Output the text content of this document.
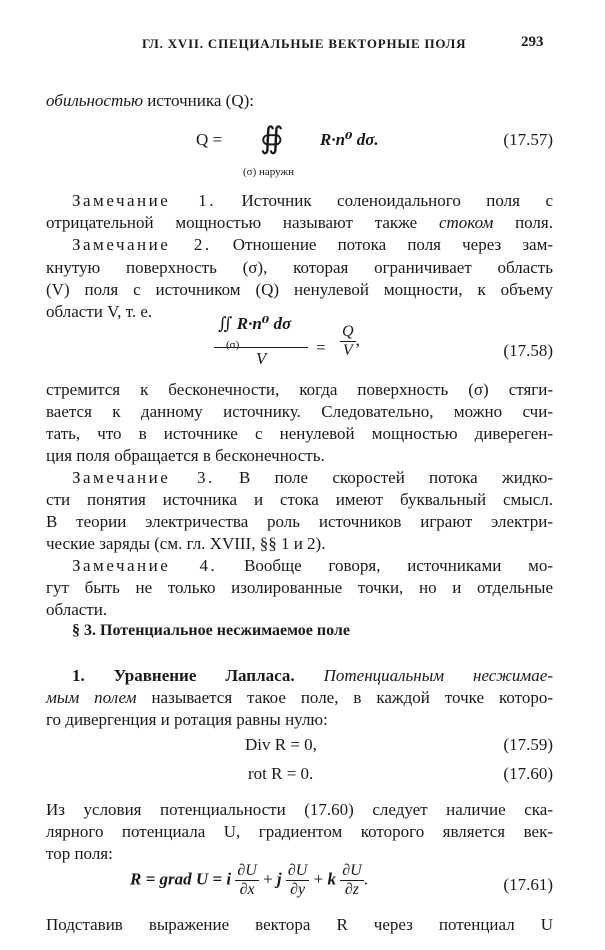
ГЛ. XVII. СПЕЦИАЛЬНЫЕ ВЕКТОРНЫЕ ПОЛЯ	293
обильностью источника (Q):
Q = ∯
(σ) наружн
R·n⁰ dσ.	(17.57)
Замечание 1. Источник соленоидального поля с
отрицательной мощностью называют также стоком поля.
Замечание 2. Отношение потока поля через зам-
кнутую поверхность (σ), которая ограничивает область
(V) поля с источником (Q) ненулевой мощности, к объему
области V, т. е.
∬ R·n⁰ dσ
(σ)
V
= $\frac{Q}{V}$ ,
(17.58)
стремится к бесконечности, когда поверхность (σ) стяги-
вается к данному источнику. Следовательно, можно счи-
тать, что в источнике с ненулевой мощностью дивереген-
ция поля обращается в бесконечность.
Замечание 3. В поле скоростей потока жидко-
сти понятия источника и стока имеют буквальный смысл.
В теории электричества роль источников играют электри-
ческие заряды (см. гл. XVIII, §§ 1 и 2).
Замечание 4. Вообще говоря, источниками мо-
гут быть не только изолированные точки, но и отдельные
области.
§ 3. Потенциальное несжимаемое поле
1. Уравнение Лапласа. Потенциальным несжимае-
мым полем называется такое поле, в каждой точке которо-
го дивергенция и ротация равны нулю:
Div R = 0,	(17.59)
rot R = 0.	(17.60)
Из условия потенциальности (17.60) следует наличие ска-
лярного потенциала U, градиентом которого является век-
тор поля:
R = grad U = i $\frac{\partial U}{\partial x} + j \frac{\partial U}{\partial y} + k \frac{\partial U}{\partial z}$ .	(17.61)
Подставив выражение вектора R через потенциал U
